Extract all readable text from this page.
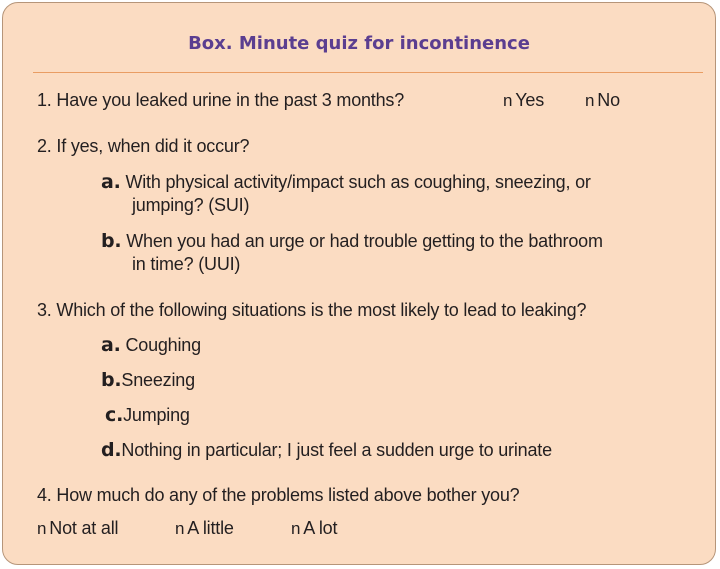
Box. Minute quiz for incontinence
1. Have you leaked urine in the past 3 months?	n Yes n No
2. If yes, when did it occur?
a. With physical activity/impact such as coughing, sneezing, or
jumping? (SUI)
b. When you had an urge or had trouble getting to the bathroom
in time? (UUI)
3. Which of the following situations is the most likely to lead to leaking?
a. Coughing
b.Sneezing
c.Jumping
d.Nothing in particular; I just feel a sudden urge to urinate
4. How much do any of the problems listed above bother you?
n Not at all	n A little	n A lot
